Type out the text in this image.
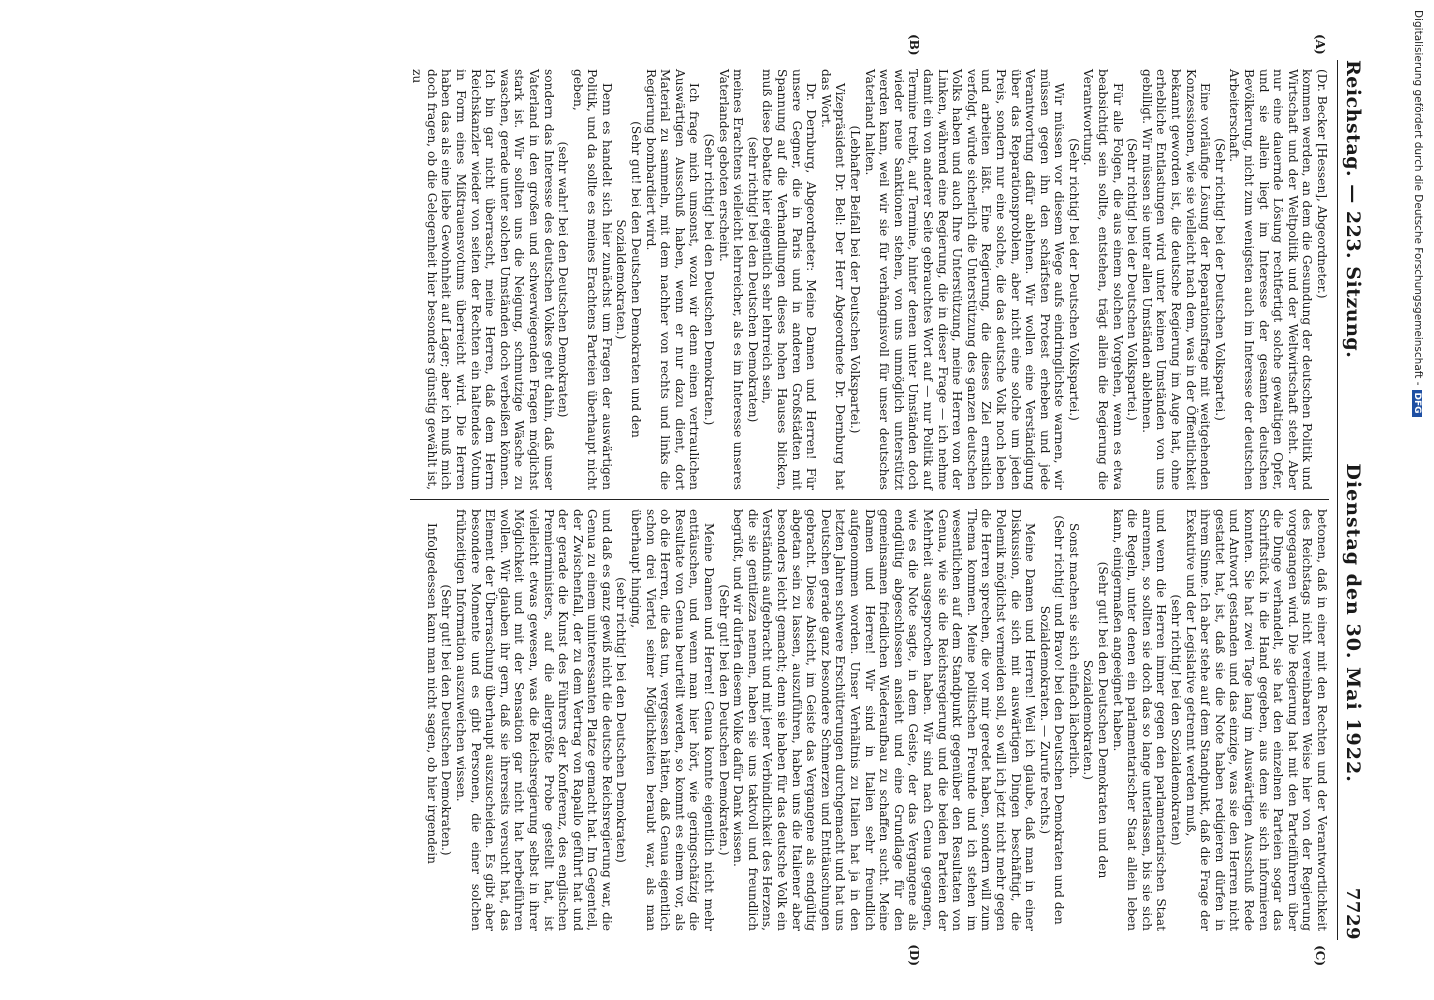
Reichstag. — 223. Sitzung.
Dienstag den 30. Mai 1922.
7729
(A)
(B)
(C)
(D)

(Dr. Becker [Hessen], Abgeordneter.)

kommen werden, an dem die Gesundung der deutschen Politik und Wirtschaft und der Weltpolitik und der Weltwirtschaft steht. Aber nur eine dauernde Lösung rechtfertigt solche gewaltigen Opfer, und sie allein liegt im Interesse der gesamten deutschen Bevölkerung, nicht zum wenigsten auch im Interesse der deutschen Arbeiterschaft.

(Sehr richtig! bei der Deutschen Volkspartei.)

Eine vorläufige Lösung der Reparationsfrage mit weitgehenden Konzessionen, wie sie vielleicht nach dem, was in der Öffentlichkeit bekannt geworden ist, die deutsche Regierung im Auge hat, ohne erhebliche Entlastungen wird unter keinen Umständen von uns gebilligt. Wir müssen sie unter allen Umständen ablehnen.

(Sehr richtig! bei der Deutschen Volkspartei.)

Für alle Folgen, die aus einem solchen Vorgehen, wenn es etwa beabsichtigt sein sollte, entstehen, trägt allein die Regierung die Verantwortung.

(Sehr richtig! bei der Deutschen Volkspartei.)

Wir müssen vor diesem Wege aufs eindringlichste warnen, wir müssen gegen ihn den schärfsten Protest erheben und jede Verantwortung dafür ablehnen. Wir wollen eine Verständigung über das Reparationsproblem, aber nicht eine solche um jeden Preis, sondern nur eine solche, die das deutsche Volk noch leben und arbeiten läßt. Eine Regierung, die dieses Ziel ernstlich verfolgt, würde sicherlich die Unterstützung des ganzen deutschen Volks haben und auch Ihre Unterstützung, meine Herren von der Linken, während eine Regierung, die in dieser Frage — ich nehme damit ein von anderer Seite gebrauchtes Wort auf — nur Politik auf Termine treibt, auf Termine, hinter denen unter Umständen doch wieder neue Sanktionen stehen, von uns unmöglich unterstützt werden kann, weil wir sie für verhängnisvoll für unser deutsches Vaterland halten.

(Lebhafter Beifall bei der Deutschen Volkspartei.)

Vizepräsident Dr. Bell: Der Herr Abgeordnete Dr. Dernburg hat das Wort.

Dr. Dernburg, Abgeordneter: Meine Damen und Herren! Für unsere Gegner, die in Paris und in anderen Großstädten mit Spannung auf die Verhandlungen dieses hohen Hauses blicken, muß diese Debatte hier eigentlich sehr lehrreich sein,

(sehr richtig! bei den Deutschen Demokraten)

meines Erachtens vielleicht lehrreicher, als es im Interesse unseres Vaterlandes geboten erscheint.

(Sehr richtig! bei den Deutschen Demokraten.)

Ich frage mich umsonst, wozu wir denn einen vertraulichen Auswärtigen Ausschuß haben, wenn er nur dazu dient, dort Material zu sammeln, mit dem nachher von rechts und links die Regierung bombardiert wird.

(Sehr gut! bei den Deutschen Demokraten und den Sozialdemokraten.)

Denn es handelt sich hier zunächst um Fragen der auswärtigen Politik, und da sollte es meines Erachtens Parteien überhaupt nicht geben,

(sehr wahr! bei den Deutschen Demokraten)

sondern das Interesse des deutschen Volkes geht dahin, daß unser Vaterland in den großen und schwerwiegenden Fragen möglichst stark ist. Wir sollten uns die Neigung, schmutzige Wäsche zu waschen, gerade unter solchen Umständen doch verbeißen können. Ich bin gar nicht überrascht, meine Herren, daß dem Herrn Reichskanzler wieder von seiten der Rechten ein haltendes Votum in Form eines Mißtrauensvotums überreicht wird. Die Herren haben das als eine liebe Gewohnheit auf Lager; aber ich muß mich doch fragen, ob die Gelegenheit hier besonders günstig gewählt ist, zu

betonen, daß in einer mit den Rechten und der Verantwortlichkeit des Reichstags nicht vereinbaren Weise hier von der Regierung vorgegangen wird. Die Regierung hat mit den Parteiführern über die Dinge verhandelt, sie hat den einzelnen Parteien sogar das Schriftstück in die Hand gegeben, aus dem sie sich informieren konnten. Sie hat zwei Tage lang im Auswärtigen Ausschuß Rede und Antwort gestanden und das einzige, was sie den Herren nicht gestattet hat, ist, daß sie die Note haben redigieren dürfen in ihrem Sinne. Ich aber stehe auf dem Standpunkt, daß die Frage der Exekutive und der Legislative getrennt werden muß,

(sehr richtig! bei den Sozialdemokraten)

und wenn die Herren immer gegen den parlamentarischen Staat anrennen, so sollten sie doch das so lange unterlassen, bis sie sich die Regeln, unter denen ein parlamentarischer Staat allein leben kann, einigermaßen angeeignet haben.

(Sehr gut! bei den Deutschen Demokraten und den Sozialdemokraten.)

Sonst machen sie sich einfach lächerlich.

(Sehr richtig! und Bravo! bei den Deutschen Demokraten und den Sozialdemokraten. — Zurufe rechts.)

Meine Damen und Herren! Weil ich glaube, daß man in einer Diskussion, die sich mit auswärtigen Dingen beschäftigt, die Polemik möglichst vermeiden soll, so will ich jetzt nicht mehr gegen die Herren sprechen, die vor mir geredet haben, sondern will zum Thema kommen. Meine politischen Freunde und ich stehen im wesentlichen auf dem Standpunkt gegenüber den Resultaten von Genua, wie sie die Reichsregierung und die beiden Parteien der Mehrheit ausgesprochen haben. Wir sind nach Genua gegangen, wie es die Note sagte, in dem Geiste, der das Vergangene als endgültig abgeschlossen ansieht und eine Grundlage für den gemeinsamen friedlichen Wiederaufbau zu schaffen sucht. Meine Damen und Herren! Wir sind in Italien sehr freundlich aufgenommen worden. Unser Verhältnis zu Italien hat ja in den letzten Jahren schwere Erschütterungen durchgemacht und hat uns Deutschen gerade ganz besondere Schmerzen und Enttäuschungen gebracht. Diese Absicht, im Geiste das Vergangene als endgültig abgetan sein zu lassen, auszuführen, haben uns die Italiener aber besonders leicht gemacht; denn sie haben für das deutsche Volk ein Verständnis aufgebracht und mit jener Verbindlichkeit des Herzens, die sie gentilezza nennen, haben sie uns taktvoll und freundlich begrüßt, und wir dürfen diesem Volke dafür Dank wissen.

(Sehr gut! bei den Deutschen Demokraten.)

Meine Damen und Herren! Genua konnte eigentlich nicht mehr enttäuschen, und wenn man hier hört, wie geringschätzig die Resultate von Genua beurteilt werden, so kommt es einem vor, als ob die Herren, die das tun, vergessen hätten, daß Genua eigentlich schon drei Viertel seiner Möglichkeiten beraubt war, als man überhaupt hinging,

(sehr richtig! bei den Deutschen Demokraten)

und daß es ganz gewiß nicht die deutsche Reichsregierung war, die Genua zu einem uninteressanten Platze gemacht hat. Im Gegenteil, der Zwischenfall, der zu dem Vertrag von Rapallo geführt hat und der gerade die Kunst des Führers der Konferenz, des englischen Premierministers, auf die allergrößte Probe gestellt hat, ist vielleicht etwas gewesen, was die Reichsregierung selbst in ihrer Möglichkeit und mit der Sensation gar nicht hat herbeiführen wollen. Wir glauben ihr gern, daß sie ihrerseits versucht hat, das Element der Überraschung überhaupt auszuscheiden. Es gibt aber besondere Momente und es gibt Personen, die einer solchen frühzeitigen Information auszuweichen wissen.

(Sehr gut! bei den Deutschen Demokraten.)

Infolgedessen kann man nicht sagen, ob hier irgendein

Digitalisierung gefördert durch die Deutsche Forschungsgemeinschaft -DFG
